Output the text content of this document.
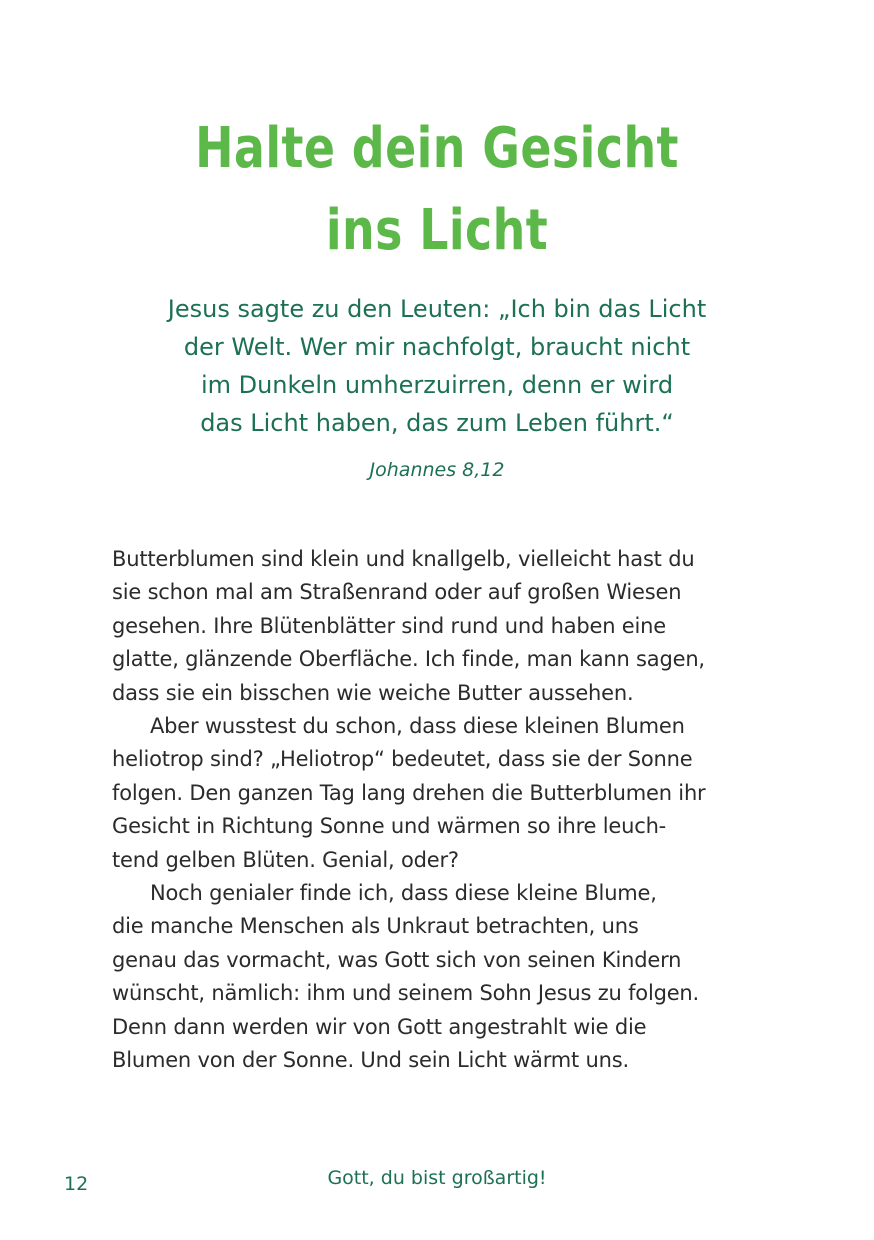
Halte dein Gesicht
ins Licht
Jesus sagte zu den Leuten: „Ich bin das Licht
der Welt. Wer mir nachfolgt, braucht nicht
im Dunkeln umherzuirren, denn er wird
das Licht haben, das zum Leben führt.“
Johannes 8,12
Butterblumen sind klein und knallgelb, vielleicht hast du
sie schon mal am Straßenrand oder auf großen Wiesen
gesehen. Ihre Blütenblätter sind rund und haben eine
glatte, glänzende Oberfläche. Ich finde, man kann sagen,
dass sie ein bisschen wie weiche Butter aussehen.
Aber wusstest du schon, dass diese kleinen Blumen
heliotrop sind? „Heliotrop“ bedeutet, dass sie der Sonne
folgen. Den ganzen Tag lang drehen die Butterblumen ihr
Gesicht in Richtung Sonne und wärmen so ihre leuch-
tend gelben Blüten. Genial, oder?
Noch genialer finde ich, dass diese kleine Blume,
die manche Menschen als Unkraut betrachten, uns
genau das vormacht, was Gott sich von seinen Kindern
wünscht, nämlich: ihm und seinem Sohn Jesus zu folgen.
Denn dann werden wir von Gott angestrahlt wie die
Blumen von der Sonne. Und sein Licht wärmt uns.
12	Gott, du bist großartig!
